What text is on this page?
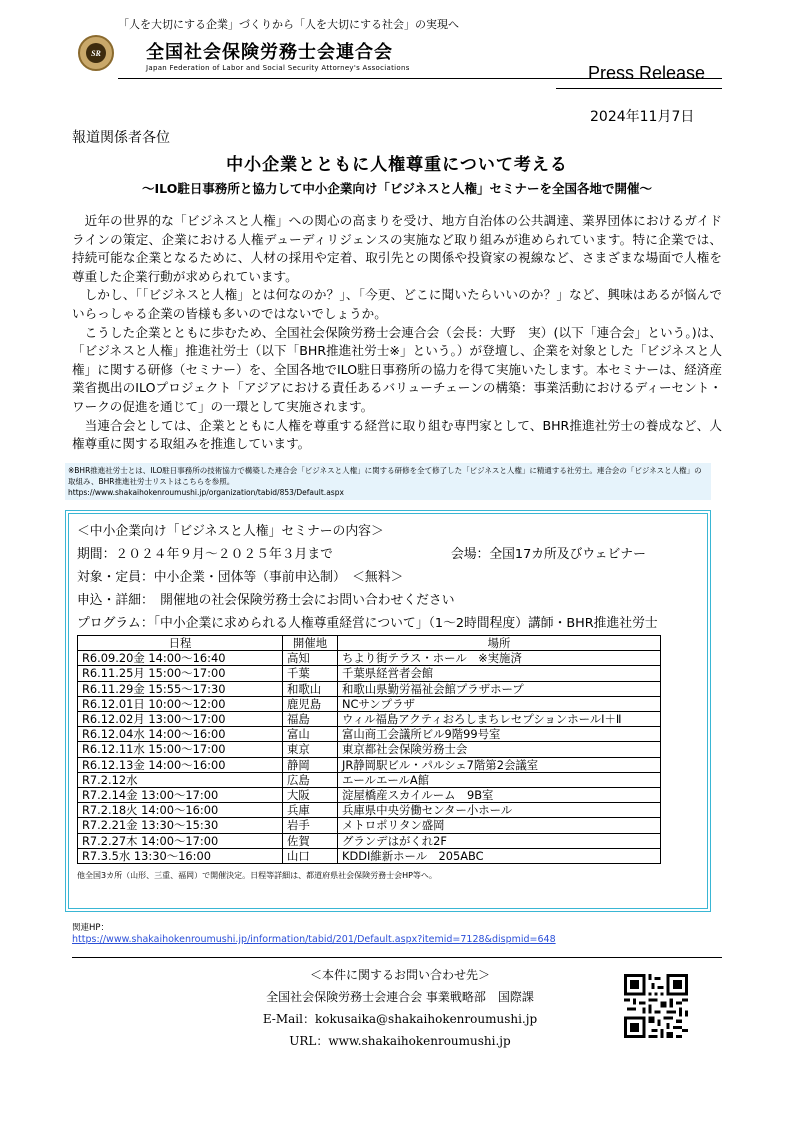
「人を大切にする企業」づくりから「人を大切にする社会」の実現へ
SR	全国社会保険労務士会連合会
Japan Federation of Labor and Social Security Attorney's Associations	Press Release
2024年11月7日
報道関係者各位
中小企業とともに人権尊重について考える
～ILO駐日事務所と協力して中小企業向け「ビジネスと人権」セミナーを全国各地で開催～

近年の世界的な「ビジネスと人権」への関心の高まりを受け、地方自治体の公共調達、業界団体におけるガイドラインの策定、企業における人権デューディリジェンスの実施など取り組みが進められています。特に企業では、持続可能な企業となるために、人材の採用や定着、取引先との関係や投資家の視線など、さまざまな場面で人権を尊重した企業行動が求められています。

しかし、「「ビジネスと人権」とは何なのか？」、「今更、どこに聞いたらいいのか？」など、興味はあるが悩んでいらっしゃる企業の皆様も多いのではないでしょうか。

こうした企業とともに歩むため、全国社会保険労務士会連合会（会長：大野　実）(以下「連合会」という。)は、「ビジネスと人権」推進社労士（以下「BHR推進社労士※」という。）が登壇し、企業を対象とした「ビジネスと人権」に関する研修（セミナー）を、全国各地でILO駐日事務所の協力を得て実施いたします。本セミナーは、経済産業省拠出のILOプロジェクト「アジアにおける責任あるバリューチェーンの構築：事業活動におけるディーセント・ワークの促進を通じて」の一環として実施されます。

当連合会としては、企業とともに人権を尊重する経営に取り組む専門家として、BHR推進社労士の養成など、人権尊重に関する取組みを推進しています。

※BHR推進社労士とは、ILO駐日事務所の技術協力で構築した連合会「ビジネスと人権」に関する研修を全て修了した「ビジネスと人権」に精通する社労士。連合会の「ビジネスと人権」の取組み、BHR推進社労士リストはこちらを参照。
https://www.shakaihokenroumushi.jp/organization/tabid/853/Default.aspx
＜中小企業向け「ビジネスと人権」セミナーの内容＞
期間：２０２４年９月～２０２５年３月まで	会場：全国17カ所及びウェビナー
対象・定員：中小企業・団体等（事前申込制）　＜無料＞
申込・詳細：　開催地の社会保険労務士会にお問い合わせください
プログラム：「中小企業に求められる人権尊重経営について」（1～2時間程度）講師・BHR推進社労士
日程	開催地	場所
R6.09.20金 14:00～16:40	高知	ちより街テラス・ホール　※実施済
R6.11.25月 15:00～17:00	千葉	千葉県経営者会館
R6.11.29金 15:55～17:30	和歌山	和歌山県勤労福祉会館プラザホープ
R6.12.01日 10:00～12:00	鹿児島	NCサンプラザ
R6.12.02月 13:00～17:00	福島	ウィル福島アクティおろしまちレセプションホールⅠ＋Ⅱ
R6.12.04水 14:00～16:00	富山	富山商工会議所ビル9階99号室
R6.12.11水 15:00～17:00	東京	東京都社会保険労務士会
R6.12.13金 14:00～16:00	静岡	JR静岡駅ビル・パルシェ7階第2会議室
R7.2.12水	広島	エールエールA館
R7.2.14金 13:00～17:00	大阪	淀屋橋産スカイルーム　9B室
R7.2.18火 14:00～16:00	兵庫	兵庫県中央労働センター小ホール
R7.2.21金 13:30～15:30	岩手	メトロポリタン盛岡
R7.2.27木 14:00～17:00	佐賀	グランデはがくれ2F
R7.3.5水 13:30～16:00	山口	KDDI維新ホール　205ABC
他全国3カ所（山形、三重、福岡）で開催決定。日程等詳細は、都道府県社会保険労務士会HP等へ。
関連HP：
https://www.shakaihokenroumushi.jp/information/tabid/201/Default.aspx?itemid=7128&dispmid=648
＜本件に関するお問い合わせ先＞
全国社会保険労務士会連合会 事業戦略部　国際課
E-Mail：kokusaika@shakaihokenroumushi.jp
URL：www.shakaihokenroumushi.jp
